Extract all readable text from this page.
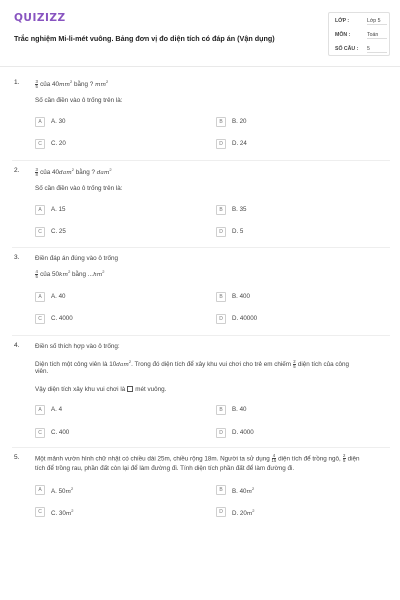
QUIZIZZ
Trắc nghiệm Mi-li-mét vuông. Bảng đơn vị đo diện tích có đáp án (Vận dụng)
LỚP :	Lớp 5
MÔN :	Toán
SỐ CÂU : 5
1.	$\frac{3}{5}$ của $40mm^2$ bằng ? $mm^2$
Số cần điền vào ô trống trên là:
A	A. 30	B	B. 20
C	C. 20	D	D. 24
2.	$\frac{3}{8}$ của 40dam$^2$ bằng ? dam$^2$
Số cần điền vào ô trống trên là:
A	A. 15	B	B. 35
C	C. 25	D	D. 5
3. Điền đáp án đúng vào ô trống
$\frac{4}{5}$ của $50km^2$ bằng $...hm^2$
A	A. 40	B	B. 400
C	C. 4000	D	D. 40000
4. Điền số thích hợp vào ô trống:
Diện tích một công viên là 10dam$^2$. Trong đó diện tích để xây khu vui chơi cho trẻ em chiếm $\frac{2}{5}$ diện tích của công
viên.
Vậy diện tích xây khu vui chơi là mét vuông.
A	A. 4	B	B. 40
C	C. 400	D	D. 4000
5. Một mảnh vườn hình chữ nhật có chiều dài 25m, chiều rộng 18m. Người ta sử dụng $\frac{4}{15}$ diện tích để trồng ngô, $\frac{2}{5}$ diện
tích để trồng rau, phần đất còn lại để làm đường đi. Tính diện tích phần đất để làm đường đi.
A	A. $50m^2$	B	B. $40m^2$
C	C. $30m^2$	D	D. $20m^2$
